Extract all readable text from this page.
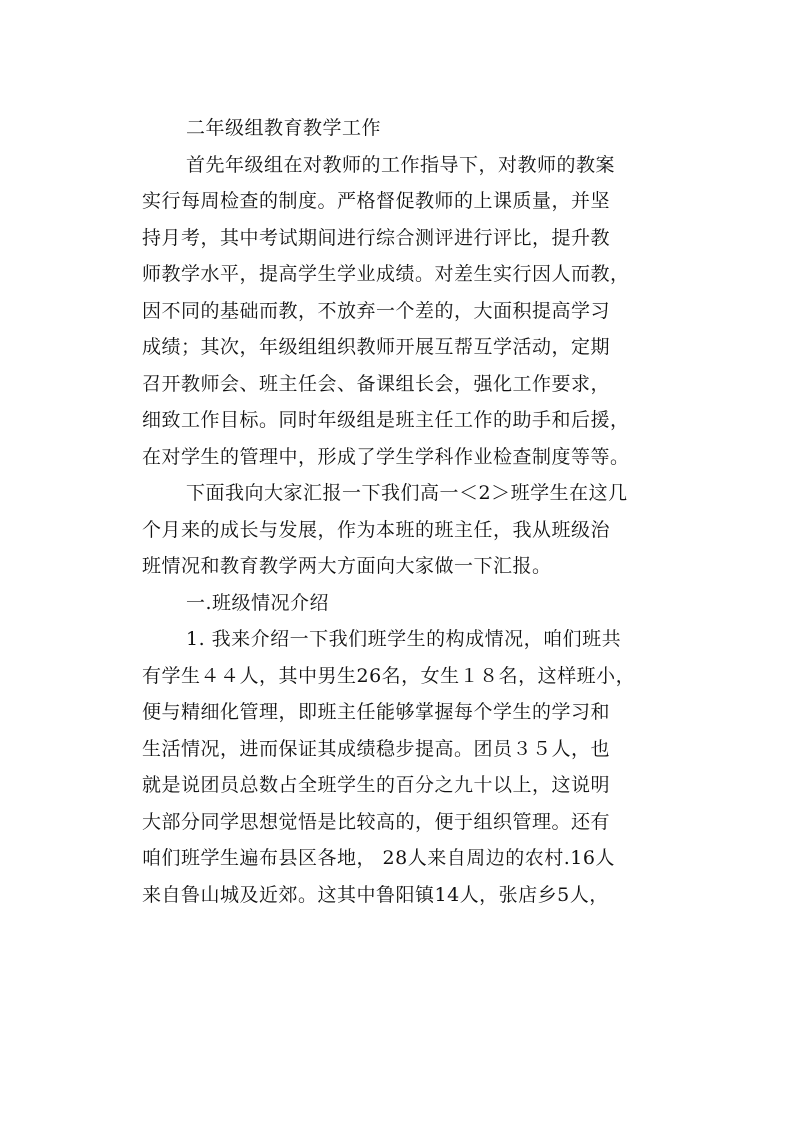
二年级组教育教学工作
首先年级组在对教师的工作指导下，对教师的教案
实行每周检查的制度。严格督促教师的上课质量，并坚
持月考，其中考试期间进行综合测评进行评比，提升教
师教学水平，提高学生学业成绩。对差生实行因人而教，
因不同的基础而教，不放弃一个差的，大面积提高学习
成绩；其次，年级组组织教师开展互帮互学活动，定期
召开教师会、班主任会、备课组长会，强化工作要求，
细致工作目标。同时年级组是班主任工作的助手和后援，
在对学生的管理中，形成了学生学科作业检查制度等等。
下面我向大家汇报一下我们高一＜2＞班学生在这几
个月来的成长与发展，作为本班的班主任，我从班级治
班情况和教育教学两大方面向大家做一下汇报。
一.班级情况介绍
1. 我来介绍一下我们班学生的构成情况，咱们班共
有学生４４人，其中男生26名，女生１８名，这样班小，
便与精细化管理，即班主任能够掌握每个学生的学习和
生活情况，进而保证其成绩稳步提高。团员３５人，也
就是说团员总数占全班学生的百分之九十以上，这说明
大部分同学思想觉悟是比较高的，便于组织管理。还有
咱们班学生遍布县区各地， 28人来自周边的农村.16人
来自鲁山城及近郊。这其中鲁阳镇14人，张店乡5人，
